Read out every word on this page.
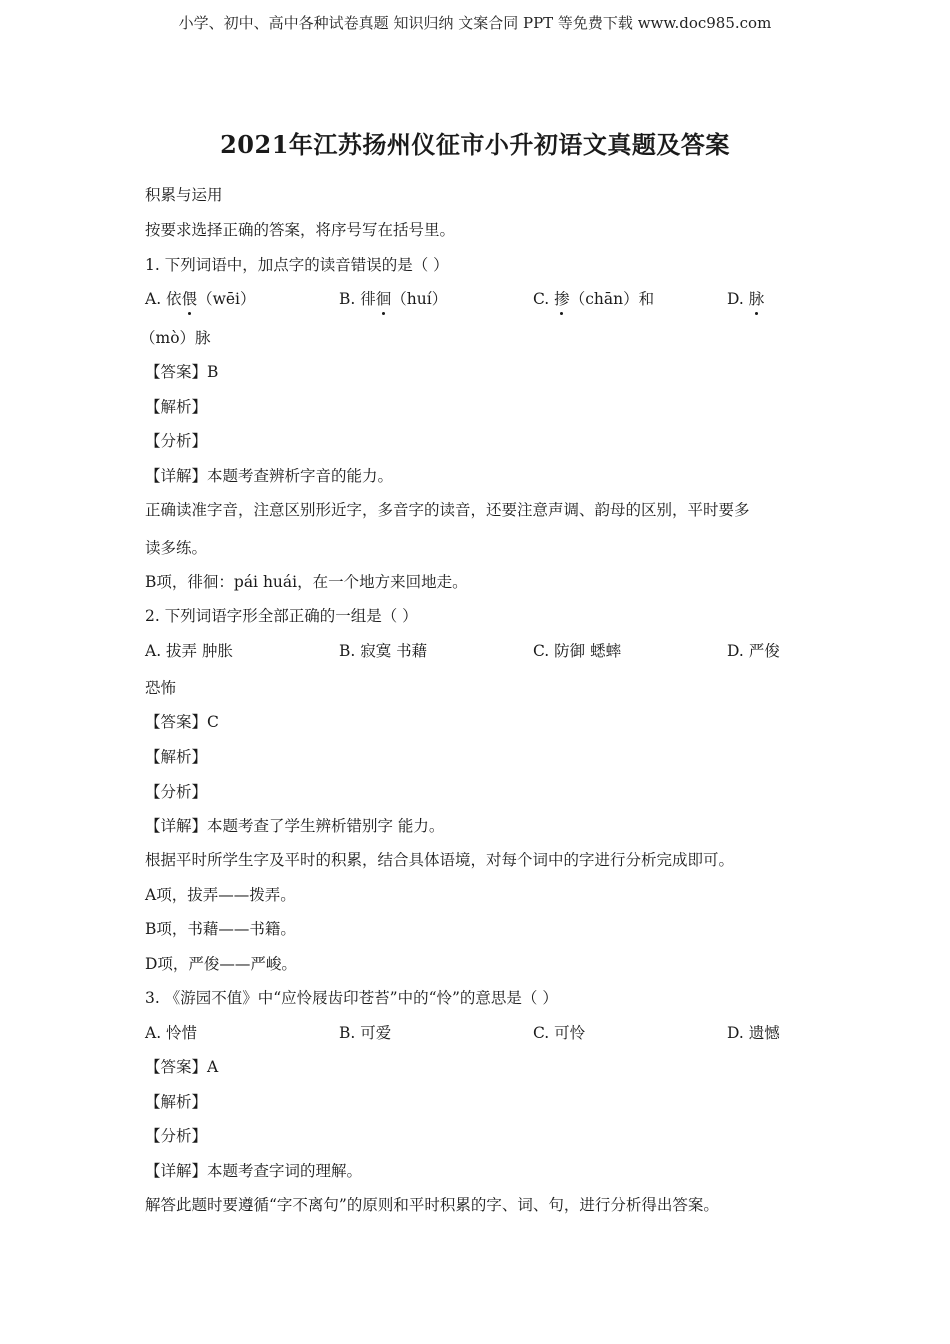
小学、初中、高中各种试卷真题 知识归纳 文案合同 PPT 等免费下载 www.doc985.com
2021年江苏扬州仪征市小升初语文真题及答案
积累与运用
按要求选择正确的答案，将序号写在括号里。
1. 下列词语中，加点字的读音错误的是（ ）
A. 依偎（wēi）	B. 徘徊（huí）	C. 掺（chān）和	D. 脉
（mò）脉
【答案】B
【解析】
【分析】
【详解】本题考查辨析字音的能力。
正确读准字音，注意区别形近字，多音字的读音，还要注意声调、韵母的区别，平时要多
读多练。
B项，徘徊：pái huái，在一个地方来回地走。
2. 下列词语字形全部正确的一组是（ ）
A. 拔弄 肿胀	B. 寂寞 书藉	C. 防御 蟋蟀	D. 严俊
恐怖
【答案】C
【解析】
【分析】
【详解】本题考查了学生辨析错别字 能力。
根据平时所学生字及平时的积累，结合具体语境，对每个词中的字进行分析完成即可。
A项，拔弄——拨弄。
B项，书藉——书籍。
D项，严俊——严峻。
3. 《游园不值》中“应怜屐齿印苍苔”中的“怜”的意思是（ ）
A. 怜惜	B. 可爱	C. 可怜	D. 遗憾
【答案】A
【解析】
【分析】
【详解】本题考查字词的理解。
解答此题时要遵循“字不离句”的原则和平时积累的字、词、句，进行分析得出答案。
